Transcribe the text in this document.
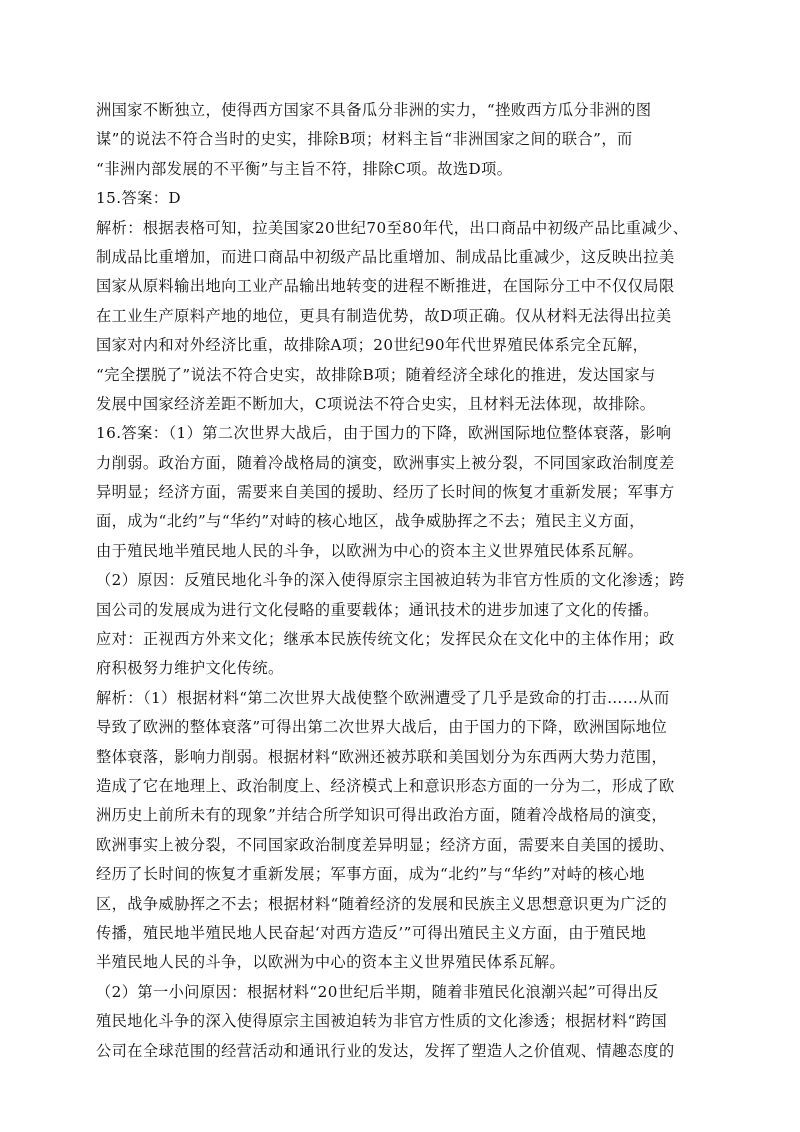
洲国家不断独立，使得西方国家不具备瓜分非洲的实力，“挫败西方瓜分非洲的图
谋”的说法不符合当时的史实，排除B项；材料主旨“非洲国家之间的联合”，而
“非洲内部发展的不平衡”与主旨不符，排除C项。故选D项。
15.答案：D
解析：根据表格可知，拉美国家20世纪70至80年代，出口商品中初级产品比重减少、
制成品比重增加，而进口商品中初级产品比重增加、制成品比重减少，这反映出拉美
国家从原料输出地向工业产品输出地转变的进程不断推进，在国际分工中不仅仅局限
在工业生产原料产地的地位，更具有制造优势，故D项正确。仅从材料无法得出拉美
国家对内和对外经济比重，故排除A项；20世纪90年代世界殖民体系完全瓦解，
“完全摆脱了”说法不符合史实，故排除B项；随着经济全球化的推进，发达国家与
发展中国家经济差距不断加大，C项说法不符合史实，且材料无法体现，故排除。
16.答案：（1）第二次世界大战后，由于国力的下降，欧洲国际地位整体衰落，影响
力削弱。政治方面，随着冷战格局的演变，欧洲事实上被分裂，不同国家政治制度差
异明显；经济方面，需要来自美国的援助、经历了长时间的恢复才重新发展；军事方
面，成为“北约”与“华约”对峙的核心地区，战争威胁挥之不去；殖民主义方面，
由于殖民地半殖民地人民的斗争，以欧洲为中心的资本主义世界殖民体系瓦解。
（2）原因：反殖民地化斗争的深入使得原宗主国被迫转为非官方性质的文化渗透；跨
国公司的发展成为进行文化侵略的重要载体；通讯技术的进步加速了文化的传播。
应对：正视西方外来文化；继承本民族传统文化；发挥民众在文化中的主体作用；政
府积极努力维护文化传统。
解析：（1）根据材料“第二次世界大战使整个欧洲遭受了几乎是致命的打击……从而
导致了欧洲的整体衰落”可得出第二次世界大战后，由于国力的下降，欧洲国际地位
整体衰落，影响力削弱。根据材料“欧洲还被苏联和美国划分为东西两大势力范围，
造成了它在地理上、政治制度上、经济模式上和意识形态方面的一分为二，形成了欧
洲历史上前所未有的现象”并结合所学知识可得出政治方面，随着冷战格局的演变，
欧洲事实上被分裂，不同国家政治制度差异明显；经济方面，需要来自美国的援助、
经历了长时间的恢复才重新发展；军事方面，成为“北约”与“华约”对峙的核心地
区，战争威胁挥之不去；根据材料“随着经济的发展和民族主义思想意识更为广泛的
传播，殖民地半殖民地人民奋起‘对西方造反’”可得出殖民主义方面，由于殖民地
半殖民地人民的斗争，以欧洲为中心的资本主义世界殖民体系瓦解。
（2）第一小问原因：根据材料“20世纪后半期，随着非殖民化浪潮兴起”可得出反
殖民地化斗争的深入使得原宗主国被迫转为非官方性质的文化渗透；根据材料“跨国
公司在全球范围的经营活动和通讯行业的发达，发挥了塑造人之价值观、情趣态度的
